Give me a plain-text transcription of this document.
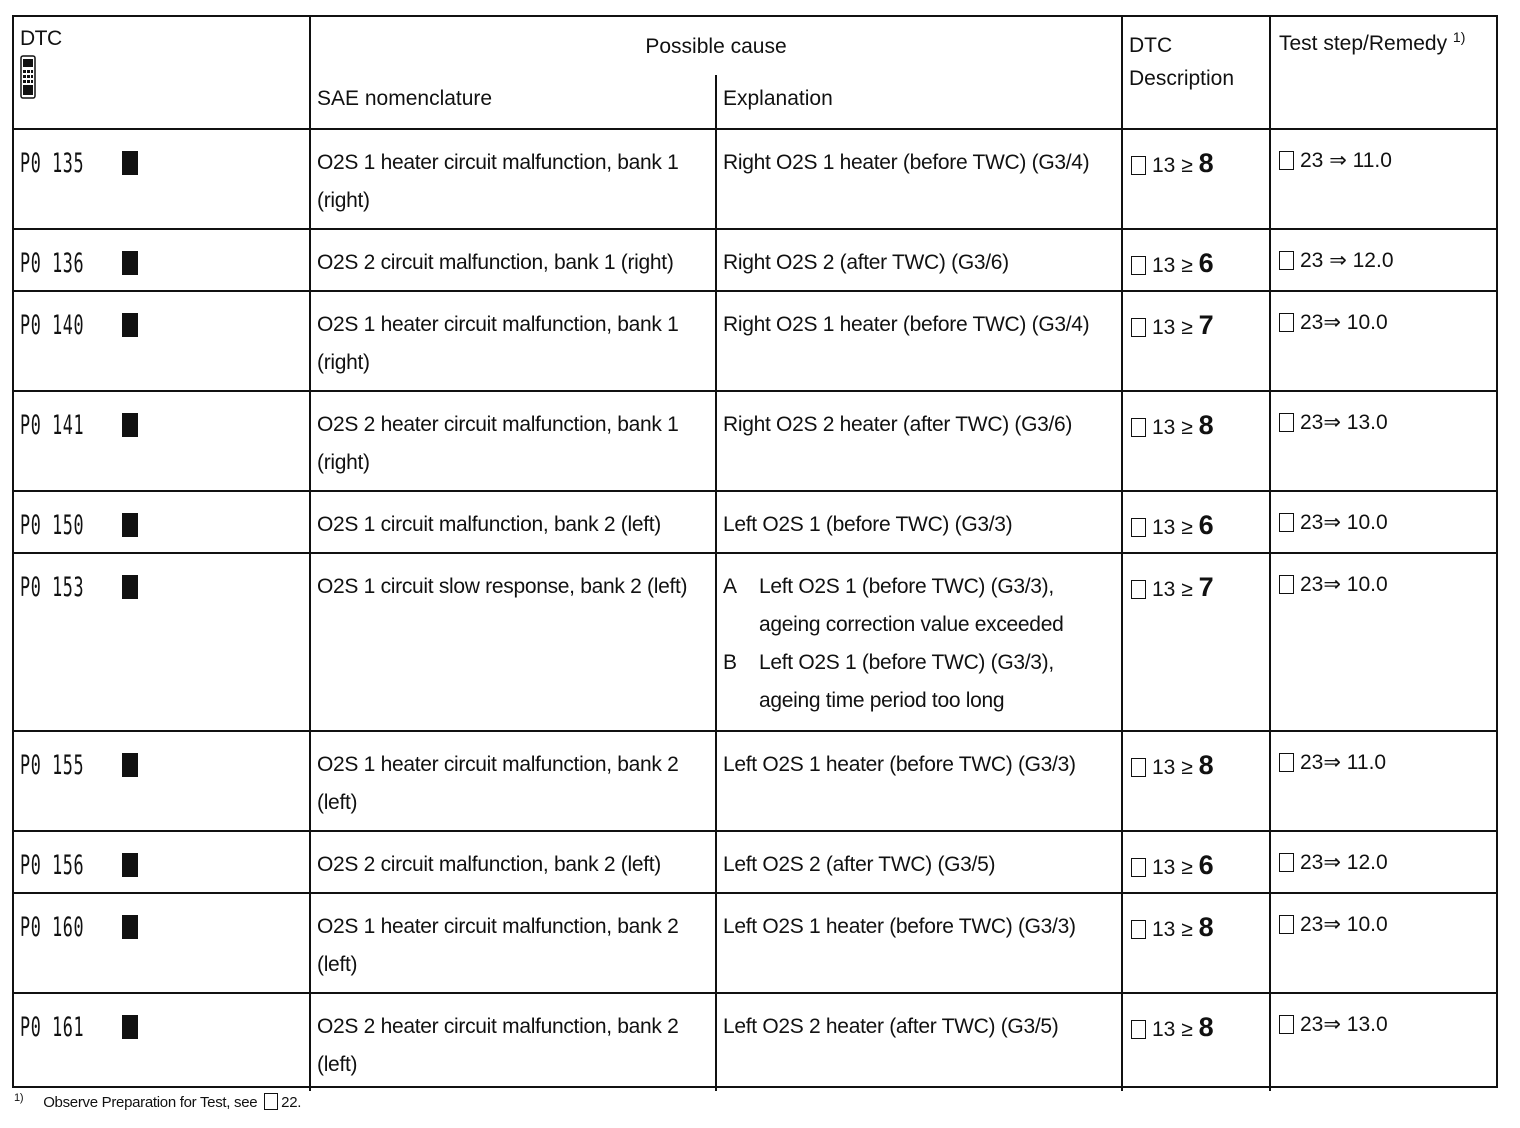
DTC	Possible cause		DTC Description	Test step/Remedy $^{1)}$
	SAE nomenclature	Explanation		

P0 135	O2S 1 heater circuit malfunction, bank 1 (right)	Right O2S 1 heater (before TWC) (G3/4)	13 ≥ 8	23 ⇒ 11.0

P0 136	O2S 2 circuit malfunction, bank 1 (right)	Right O2S 2 (after TWC) (G3/6)	13 ≥ 6	23 ⇒ 12.0

P0 140	O2S 1 heater circuit malfunction, bank 1 (right)	Right O2S 1 heater (before TWC) (G3/4)	13 ≥ 7	23⇒ 10.0

P0 141	O2S 2 heater circuit malfunction, bank 1 (right)	Right O2S 2 heater (after TWC) (G3/6)	13 ≥ 8	23⇒ 13.0

P0 150	O2S 1 circuit malfunction, bank 2 (left)	Left O2S 1 (before TWC) (G3/3)	13 ≥ 6	23⇒ 10.0

P0 153	O2S 1 circuit slow response, bank 2 (left)	A Left O2S 1 (before TWC) (G3/3), ageing correction value exceeded
B Left O2S 1 (before TWC) (G3/3), ageing time period too long	13 ≥ 7	23⇒ 10.0

P0 155	O2S 1 heater circuit malfunction, bank 2 (left)	Left O2S 1 heater (before TWC) (G3/3)	13 ≥ 8	23⇒ 11.0

P0 156	O2S 2 circuit malfunction, bank 2 (left)	Left O2S 2 (after TWC) (G3/5)	13 ≥ 6	23⇒ 12.0

P0 160	O2S 1 heater circuit malfunction, bank 2 (left)	Left O2S 1 heater (before TWC) (G3/3)	13 ≥ 8	23⇒ 10.0

P0 161	O2S 2 heater circuit malfunction, bank 2 (left)	Left O2S 2 heater (after TWC) (G3/5)	13 ≥ 8	23⇒ 13.0
$^{1)}$ Observe Preparation for Test, see 22.
